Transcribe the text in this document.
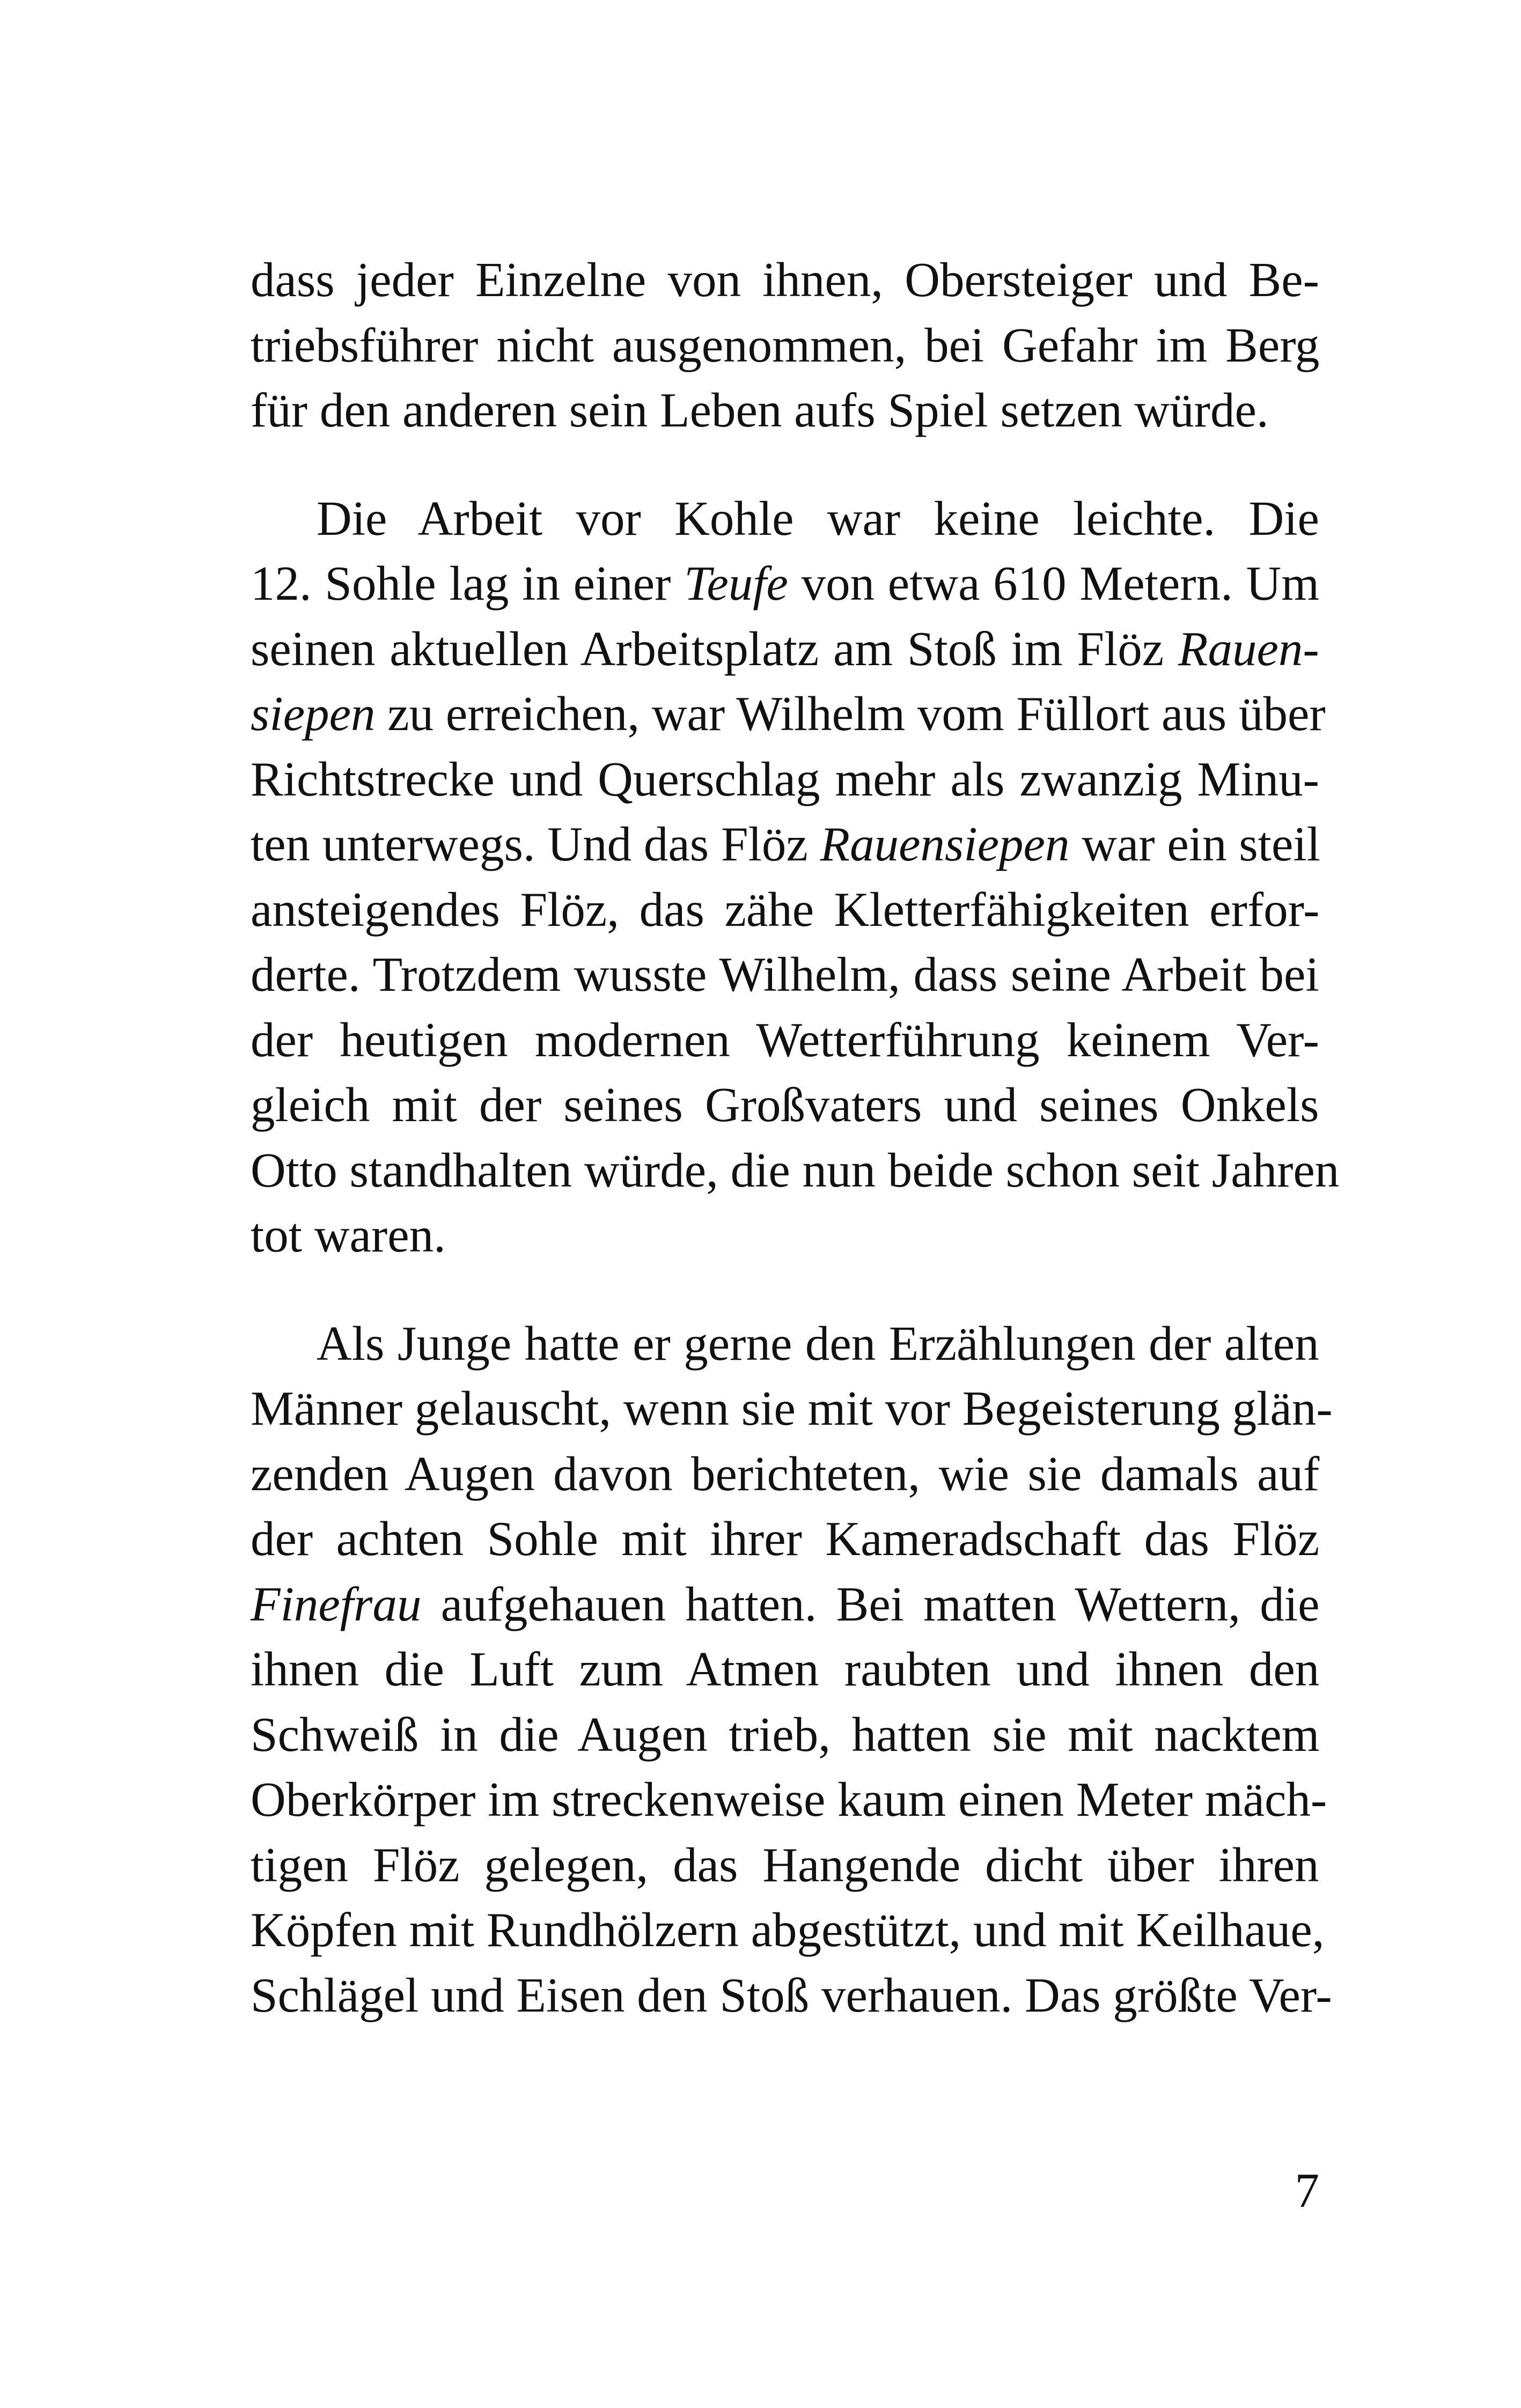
dass jeder Einzelne von ihnen, Obersteiger und Be-
triebsführer nicht ausgenommen, bei Gefahr im Berg
für den anderen sein Leben aufs Spiel setzen würde.
Die Arbeit vor Kohle war keine leichte. Die
12. Sohle lag in einer Teufe von etwa 610 Metern. Um
seinen aktuellen Arbeitsplatz am Stoß im Flöz Rauen-
siepen zu erreichen, war Wilhelm vom Füllort aus über
Richtstrecke und Querschlag mehr als zwanzig Minu-
ten unterwegs. Und das Flöz Rauensiepen war ein steil
ansteigendes Flöz, das zähe Kletterfähigkeiten erfor-
derte. Trotzdem wusste Wilhelm, dass seine Arbeit bei
der heutigen modernen Wetterführung keinem Ver-
gleich mit der seines Großvaters und seines Onkels
Otto standhalten würde, die nun beide schon seit Jahren
tot waren.
Als Junge hatte er gerne den Erzählungen der alten
Männer gelauscht, wenn sie mit vor Begeisterung glän-
zenden Augen davon berichteten, wie sie damals auf
der achten Sohle mit ihrer Kameradschaft das Flöz
Finefrau aufgehauen hatten. Bei matten Wettern, die
ihnen die Luft zum Atmen raubten und ihnen den
Schweiß in die Augen trieb, hatten sie mit nacktem
Oberkörper im streckenweise kaum einen Meter mäch-
tigen Flöz gelegen, das Hangende dicht über ihren
Köpfen mit Rundhölzern abgestützt, und mit Keilhaue,
Schlägel und Eisen den Stoß verhauen. Das größte Ver-
7
